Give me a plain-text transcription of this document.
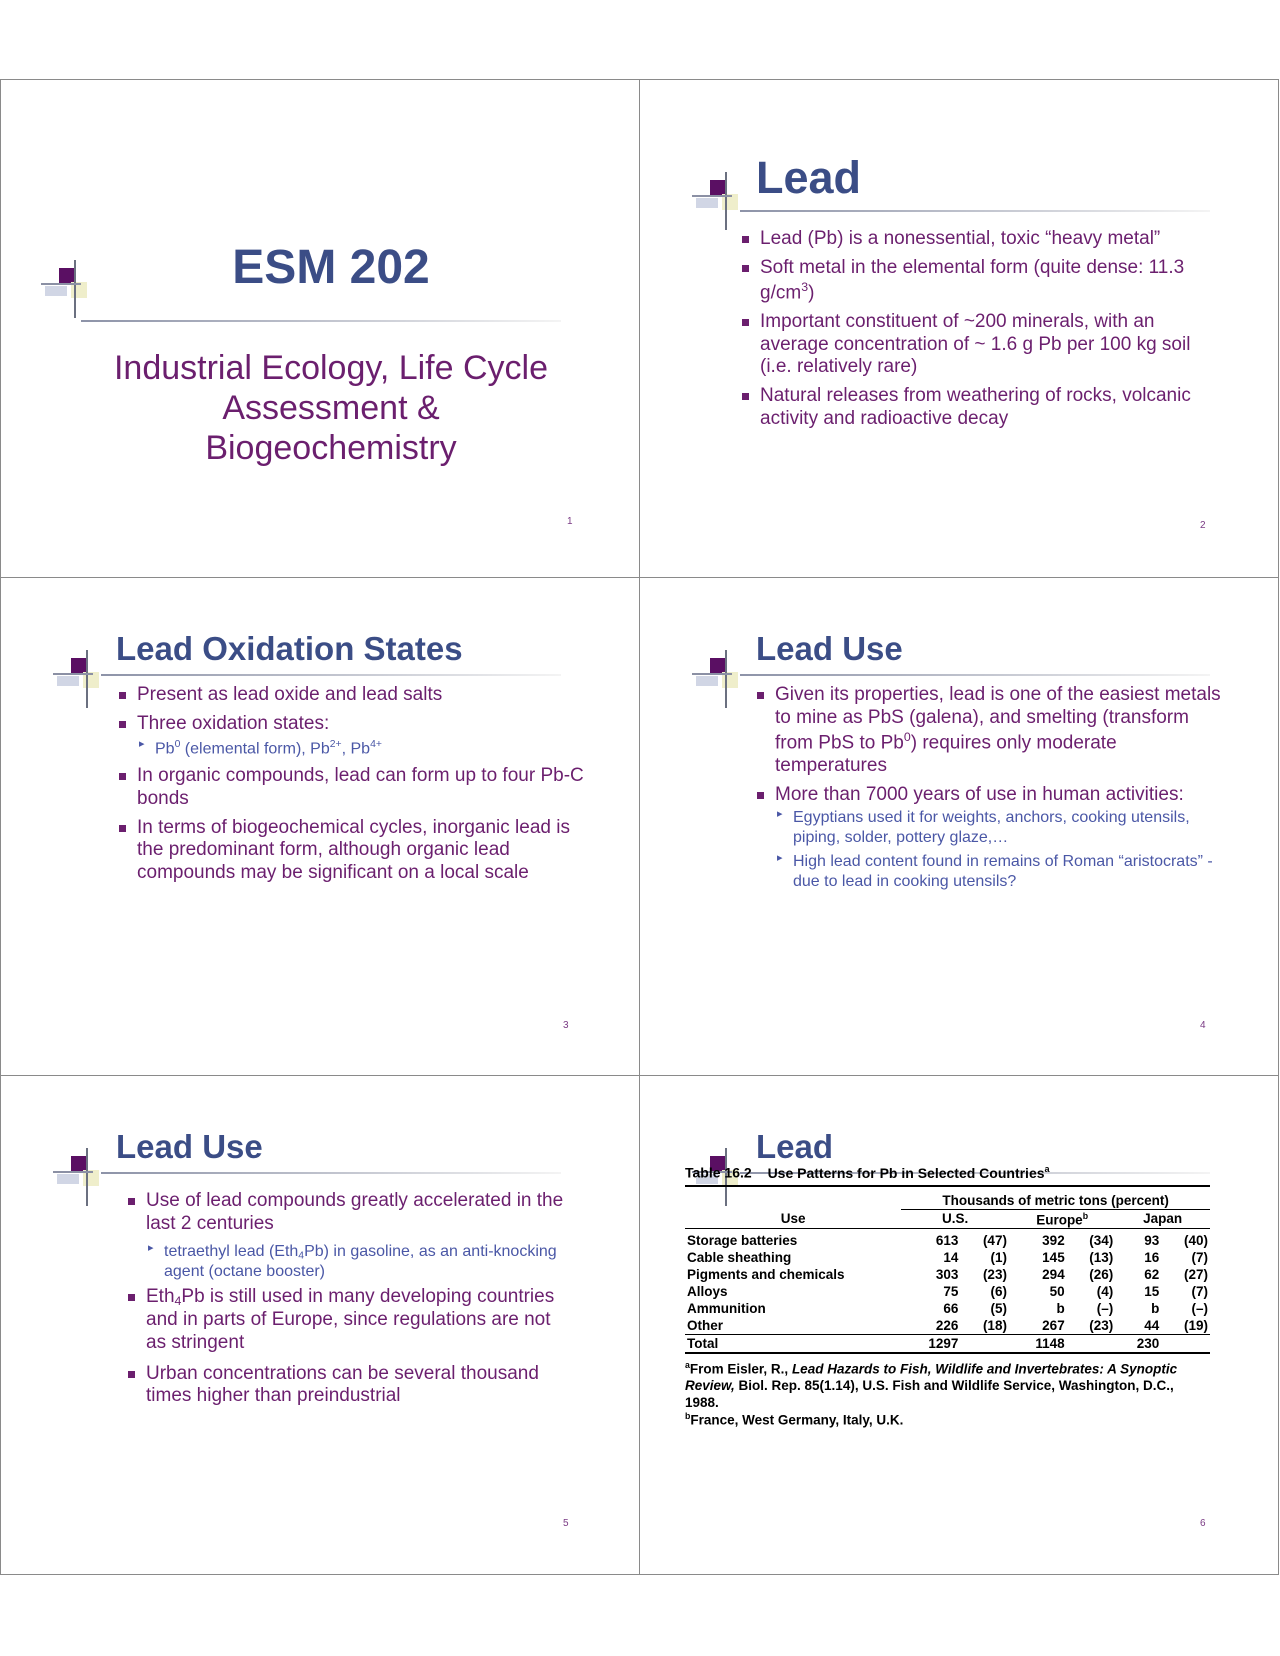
ESM 202
Industrial Ecology, Life Cycle Assessment & Biogeochemistry
1
Lead
Lead (Pb) is a nonessential, toxic “heavy metal”
Soft metal in the elemental form (quite dense: 11.3 $g/cm^3$)
Important constituent of ~200 minerals, with an average concentration of ~ 1.6 g Pb per 100 kg soil (i.e. relatively rare)
Natural releases from weathering of rocks, volcanic activity and radioactive decay
2
Lead Oxidation States
Present as lead oxide and lead salts
Three oxidation states:
▸ Pb$^0$ (elemental form), $Pb^{2+}$, $Pb^{4+}$
In organic compounds, lead can form up to four Pb-C bonds
In terms of biogeochemical cycles, inorganic lead is the predominant form, although organic lead compounds may be significant on a local scale
3
Lead Use
Given its properties, lead is one of the easiest metals to mine as PbS (galena), and smelting (transform from PbS to Pb$^0$) requires only moderate temperatures
More than 7000 years of use in human activities:
▸ Egyptians used it for weights, anchors, cooking utensils, piping, solder, pottery glaze,…
▸ High lead content found in remains of Roman “aristocrats” - due to lead in cooking utensils?
4
Lead Use
Use of lead compounds greatly accelerated in the last 2 centuries
▸ tetraethyl lead (Eth4Pb) in gasoline, as an anti-knocking agent (octane booster)
Eth4Pb is still used in many developing countries and in parts of Europe, since regulations are not as stringent
Urban concentrations can be several thousand times higher than preindustrial
5
Lead
Table 16.2 Use Patterns for Pb in Selected Countries$^a$
	Thousands of metric tons (percent)					
Use	U.S.		Europe$^b$		Japan	
Storage batteries	613	(47)	392	(34)	93	(40)
Cable sheathing	14	(1)	145	(13)	16	(7)
Pigments and chemicals	303	(23)	294	(26)	62	(27)
Alloys	75	(6)	50	(4)	15	(7)
Ammunition	66	(5)	b	(–)	b	(–)
Other	226	(18)	267	(23)	44	(19)
Total	1297		1148		230	
$^a$From Eisler, R., Lead Hazards to Fish, Wildlife and Invertebrates: A Synoptic Review, Biol. Rep. 85(1.14), U.S. Fish and Wildlife Service, Washington, D.C., 1988.
$^b$France, West Germany, Italy, U.K.
6
